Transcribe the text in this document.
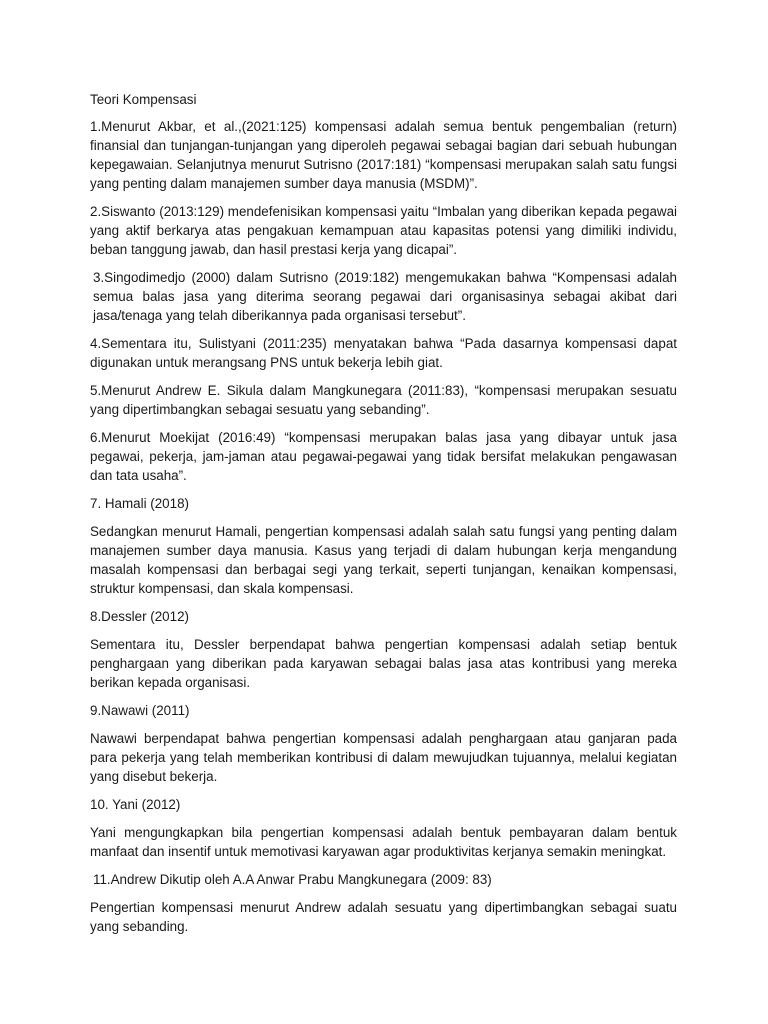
Teori Kompensasi

1.Menurut Akbar, et al.,(2021:125) kompensasi adalah semua bentuk pengembalian (return) finansial dan tunjangan-tunjangan yang diperoleh pegawai sebagai bagian dari sebuah hubungan kepegawaian. Selanjutnya menurut Sutrisno (2017:181) “kompensasi merupakan salah satu fungsi yang penting dalam manajemen sumber daya manusia (MSDM)”.

2.Siswanto (2013:129) mendefenisikan kompensasi yaitu “Imbalan yang diberikan kepada pegawai yang aktif berkarya atas pengakuan kemampuan atau kapasitas potensi yang dimiliki individu, beban tanggung jawab, dan hasil prestasi kerja yang dicapai”.

3.Singodimedjo (2000) dalam Sutrisno (2019:182) mengemukakan bahwa “Kompensasi adalah semua balas jasa yang diterima seorang pegawai dari organisasinya sebagai akibat dari jasa/tenaga yang telah diberikannya pada organisasi tersebut”.

4.Sementara itu, Sulistyani (2011:235) menyatakan bahwa “Pada dasarnya kompensasi dapat digunakan untuk merangsang PNS untuk bekerja lebih giat.

5.Menurut Andrew E. Sikula dalam Mangkunegara (2011:83), “kompensasi merupakan sesuatu yang dipertimbangkan sebagai sesuatu yang sebanding”.

6.Menurut Moekijat (2016:49) “kompensasi merupakan balas jasa yang dibayar untuk jasa pegawai, pekerja, jam-jaman atau pegawai-pegawai yang tidak bersifat melakukan pengawasan dan tata usaha”.

7. Hamali (2018)

Sedangkan menurut Hamali, pengertian kompensasi adalah salah satu fungsi yang penting dalam manajemen sumber daya manusia. Kasus yang terjadi di dalam hubungan kerja mengandung masalah kompensasi dan berbagai segi yang terkait, seperti tunjangan, kenaikan kompensasi, struktur kompensasi, dan skala kompensasi.

8.Dessler (2012)

Sementara itu, Dessler berpendapat bahwa pengertian kompensasi adalah setiap bentuk penghargaan yang diberikan pada karyawan sebagai balas jasa atas kontribusi yang mereka berikan kepada organisasi.

9.Nawawi (2011)

Nawawi berpendapat bahwa pengertian kompensasi adalah penghargaan atau ganjaran pada para pekerja yang telah memberikan kontribusi di dalam mewujudkan tujuannya, melalui kegiatan yang disebut bekerja.

10. Yani (2012)

Yani mengungkapkan bila pengertian kompensasi adalah bentuk pembayaran dalam bentuk manfaat dan insentif untuk memotivasi karyawan agar produktivitas kerjanya semakin meningkat.

11.Andrew Dikutip oleh A.A Anwar Prabu Mangkunegara (2009: 83)

Pengertian kompensasi menurut Andrew adalah sesuatu yang dipertimbangkan sebagai suatu yang sebanding.
